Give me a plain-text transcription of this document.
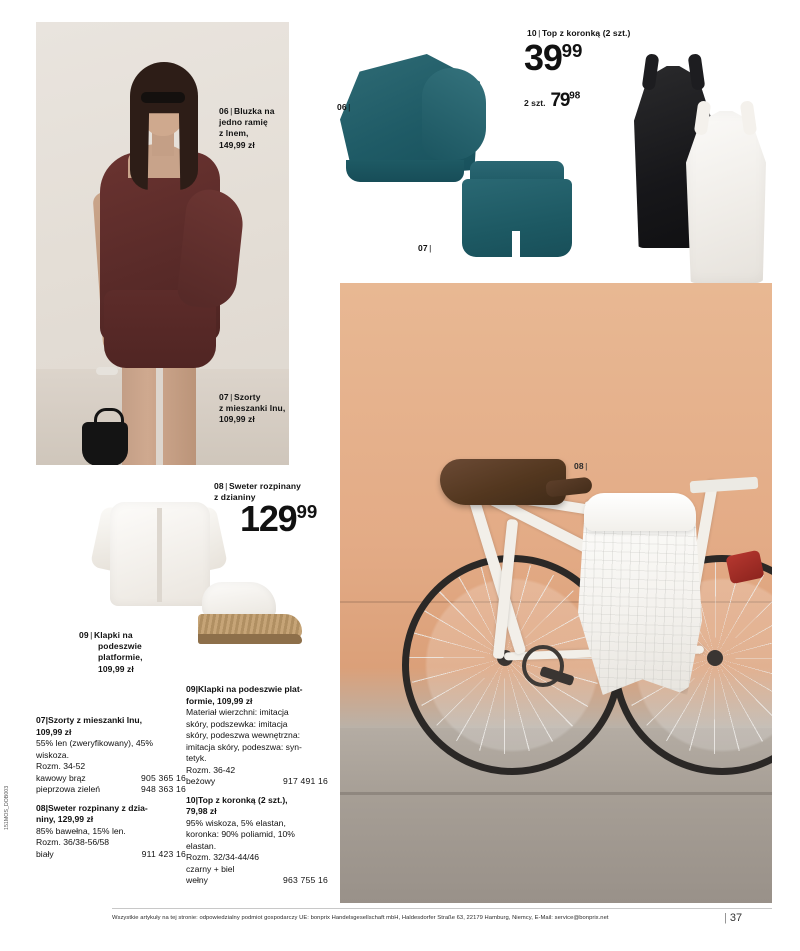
06 | Bluzka na
jedno ramię
z lnem,
149,99 zł
07 | Szorty
z mieszanki lnu,
109,99 zł
06 |
07 |
10 | Top z koronką (2 szt.)
$39^{99}$
2 szt. $79^{98}$
08 | Sweter rozpinany
z dzianiny
$129^{99}$
09 | Klapki na
podeszwie
platformie,
109,99 zł
08 |

07|Szorty z mieszanki lnu,

109,99 zł

55% len (zweryfikowany), 45%

wiskoza.

Rozm. 34-52

kawowy brąz	905 365 16
pieprzowa zieleń	948 363 16

08|Sweter rozpinany z dzia-

niny, 129,99 zł

85% bawełna, 15% len.

Rozm. 36/38-56/58

biały	911 423 16

09|Klapki na podeszwie plat-

formie, 109,99 zł

Materiał wierzchni: imitacja

skóry, podszewka: imitacja

skóry, podeszwa wewnętrzna:

imitacja skóry, podeszwa: syn-

tetyk.

Rozm. 36-42

beżowy	917 491 16

10|Top z koronką (2 szt.),

79,98 zł

95% wiskoza, 5% elastan,

koronka: 90% poliamid, 10%

elastan.

Rozm. 32/34-44/46

czarny + biel
wełny	963 755 16
Wszystkie artykuły na tej stronie: odpowiedzialny podmiot gospodarczy UE: bonprix Handelsgesellschaft mbH, Haldesdorfer Straße 63, 22179 Hamburg, Niemcy, E-Mail: service@bonprix.net	| 37
151MOS_DOB003
